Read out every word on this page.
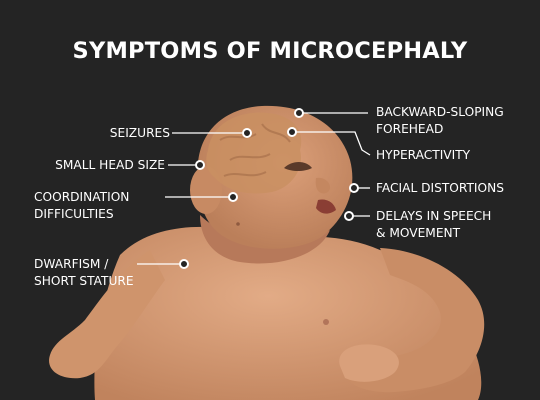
SYMPTOMS OF MICROCEPHALY
SEIZURES
SMALL HEAD SIZE
COORDINATION
DIFFICULTIES
DWARFISM /
SHORT STATURE
BACKWARD-SLOPING
FOREHEAD
HYPERACTIVITY
FACIAL DISTORTIONS
DELAYS IN SPEECH
& MOVEMENT
